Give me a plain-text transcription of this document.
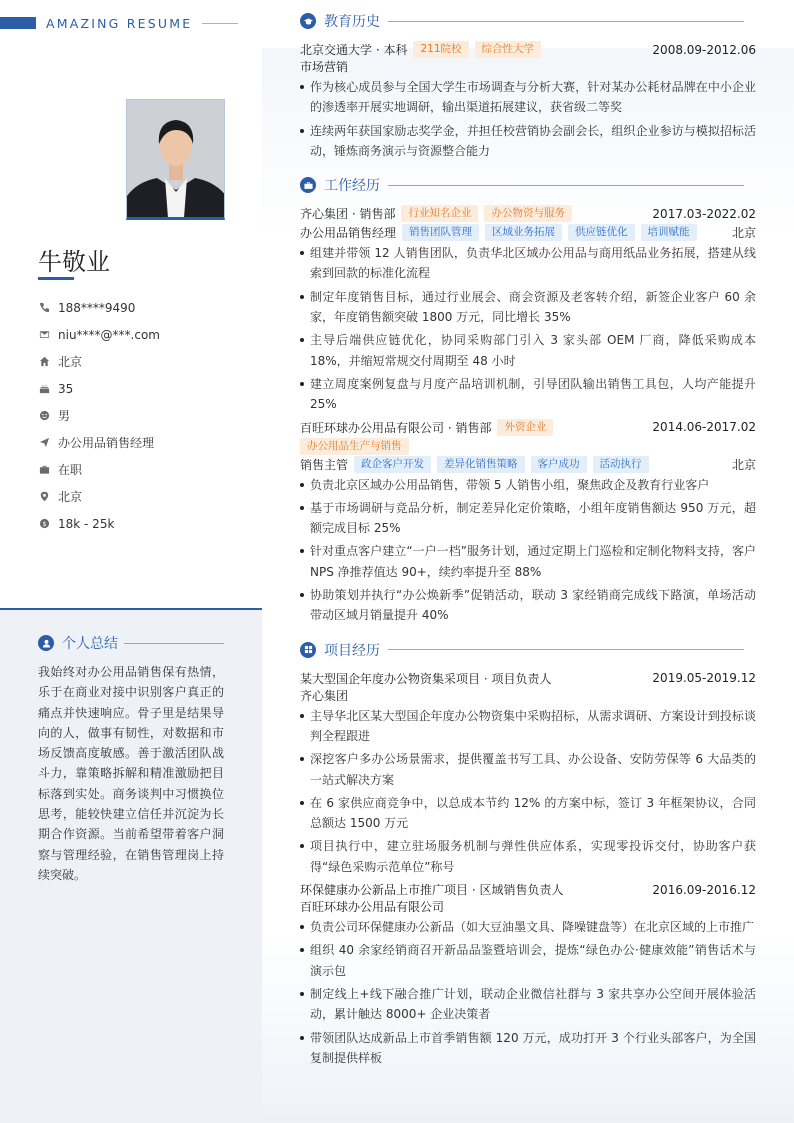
AMAZING RESUME
牛敬业
188****9490
niu****@***.com
北京
35
男
办公用品销售经理
在职
北京
$ 18k - 25k
个人总结
我始终对办公用品销售保有热情，乐于在商业对接中识别客户真正的痛点并快速响应。骨子里是结果导向的人，做事有韧性，对数据和市场反馈高度敏感。善于激活团队战斗力，靠策略拆解和精准激励把目标落到实处。商务谈判中习惯换位思考，能较快建立信任并沉淀为长期合作资源。当前希望带着客户洞察与管理经验，在销售管理岗上持续突破。
教育历史
北京交通大学 · 本科	211院校	综合性大学	2008.09-2012.06
市场营销
作为核心成员参与全国大学生市场调查与分析大赛，针对某办公耗材品牌在中小企业的渗透率开展实地调研，输出渠道拓展建议，获省级二等奖
连续两年获国家励志奖学金，并担任校营销协会副会长，组织企业参访与模拟招标活动，锤炼商务演示与资源整合能力
工作经历
齐心集团 · 销售部	行业知名企业	办公物资与服务	2017.03-2022.02
办公用品销售经理	销售团队管理	区域业务拓展	供应链优化	培训赋能	北京
组建并带领 12 人销售团队，负责华北区域办公用品与商用纸品业务拓展，搭建从线索到回款的标准化流程
制定年度销售目标，通过行业展会、商会资源及老客转介绍，新签企业客户 60 余家，年度销售额突破 1800 万元，同比增长 35%
主导后端供应链优化，协同采购部门引入 3 家头部 OEM 厂商，降低采购成本 18%，并缩短常规交付周期至 48 小时
建立周度案例复盘与月度产品培训机制，引导团队输出销售工具包，人均产能提升 25%
百旺环球办公用品有限公司 · 销售部	外资企业	2014.06-2017.02
办公用品生产与销售
销售主管	政企客户开发	差异化销售策略	客户成功	活动执行	北京
负责北京区域办公用品销售，带领 5 人销售小组，聚焦政企及教育行业客户
基于市场调研与竞品分析，制定差异化定价策略，小组年度销售额达 950 万元，超额完成目标 25%
针对重点客户建立“一户一档”服务计划，通过定期上门巡检和定制化物料支持，客户 NPS 净推荐值达 90+，续约率提升至 88%
协助策划并执行“办公焕新季”促销活动，联动 3 家经销商完成线下路演，单场活动带动区域月销量提升 40%
项目经历
某大型国企年度办公物资集采项目 · 项目负责人	2019.05-2019.12
齐心集团
主导华北区某大型国企年度办公物资集中采购招标，从需求调研、方案设计到投标谈判全程跟进
深挖客户多办公场景需求，提供覆盖书写工具、办公设备、安防劳保等 6 大品类的一站式解决方案
在 6 家供应商竞争中，以总成本节约 12% 的方案中标，签订 3 年框架协议，合同总额达 1500 万元
项目执行中，建立驻场服务机制与弹性供应体系，实现零投诉交付，协助客户获得“绿色采购示范单位”称号
环保健康办公新品上市推广项目 · 区域销售负责人	2016.09-2016.12
百旺环球办公用品有限公司
负责公司环保健康办公新品（如大豆油墨文具、降噪键盘等）在北京区域的上市推广
组织 40 余家经销商召开新品品鉴暨培训会，提炼“绿色办公·健康效能”销售话术与演示包
制定线上+线下融合推广计划，联动企业微信社群与 3 家共享办公空间开展体验活动，累计触达 8000+ 企业决策者
带领团队达成新品上市首季销售额 120 万元，成功打开 3 个行业头部客户，为全国复制提供样板
